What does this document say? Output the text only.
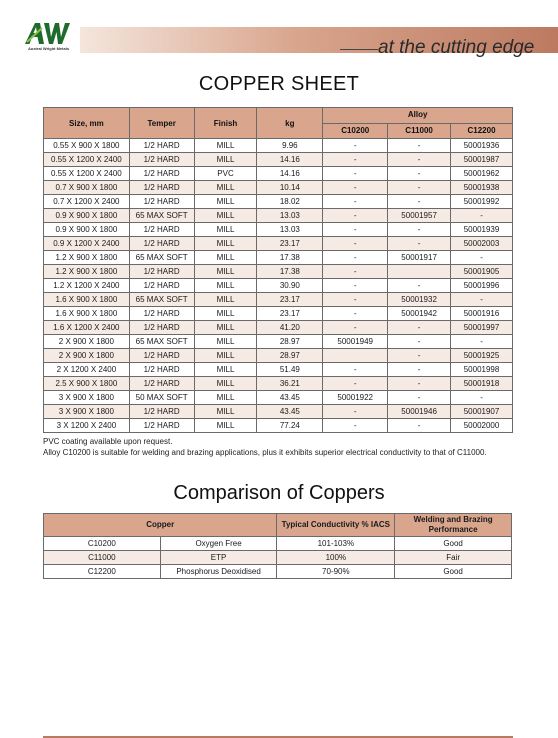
Austral Wright Metals	at the cutting edge
COPPER SHEET
Size, mm	Temper	Finish	kg	Alloy		
				C10200	C11000	C12200
0.55 X 900 X 1800	1/2 HARD	MILL	9.96	-	-	50001936
0.55 X 1200 X 2400	1/2 HARD	MILL	14.16	-	-	50001987
0.55 X 1200 X 2400	1/2 HARD	PVC	14.16	-	-	50001962
0.7 X 900 X 1800	1/2 HARD	MILL	10.14	-	-	50001938
0.7 X 1200 X 2400	1/2 HARD	MILL	18.02	-	-	50001992
0.9 X 900 X 1800	65 MAX SOFT	MILL	13.03	-	50001957	-
0.9 X 900 X 1800	1/2 HARD	MILL	13.03	-	-	50001939
0.9 X 1200 X 2400	1/2 HARD	MILL	23.17	-	-	50002003
1.2 X 900 X 1800	65 MAX SOFT	MILL	17.38	-	50001917	-
1.2 X 900 X 1800	1/2 HARD	MILL	17.38	-		50001905
1.2 X 1200 X 2400	1/2 HARD	MILL	30.90	-	-	50001996
1.6 X 900 X 1800	65 MAX SOFT	MILL	23.17	-	50001932	-
1.6 X 900 X 1800	1/2 HARD	MILL	23.17	-	50001942	50001916
1.6 X 1200 X 2400	1/2 HARD	MILL	41.20	-	-	50001997
2 X 900 X 1800	65 MAX SOFT	MILL	28.97	50001949	-	-
2 X 900 X 1800	1/2 HARD	MILL	28.97		-	50001925
2 X 1200 X 2400	1/2 HARD	MILL	51.49	-	-	50001998
2.5 X 900 X 1800	1/2 HARD	MILL	36.21	-	-	50001918
3 X 900 X 1800	50 MAX SOFT	MILL	43.45	50001922	-	-
3 X 900 X 1800	1/2 HARD	MILL	43.45	-	50001946	50001907
3 X 1200 X 2400	1/2 HARD	MILL	77.24	-	-	50002000
PVC coating available upon request.
Alloy C10200 is suitable for welding and brazing applications, plus it exhibits superior electrical conductivity to that of C11000.
Comparison of Coppers
Copper		Typical Conductivity % IACS	Welding and Brazing Performance
C10200	Oxygen Free	101-103%	Good
C11000	ETP	100%	Fair
C12200	Phosphorus Deoxidised	70-90%	Good
